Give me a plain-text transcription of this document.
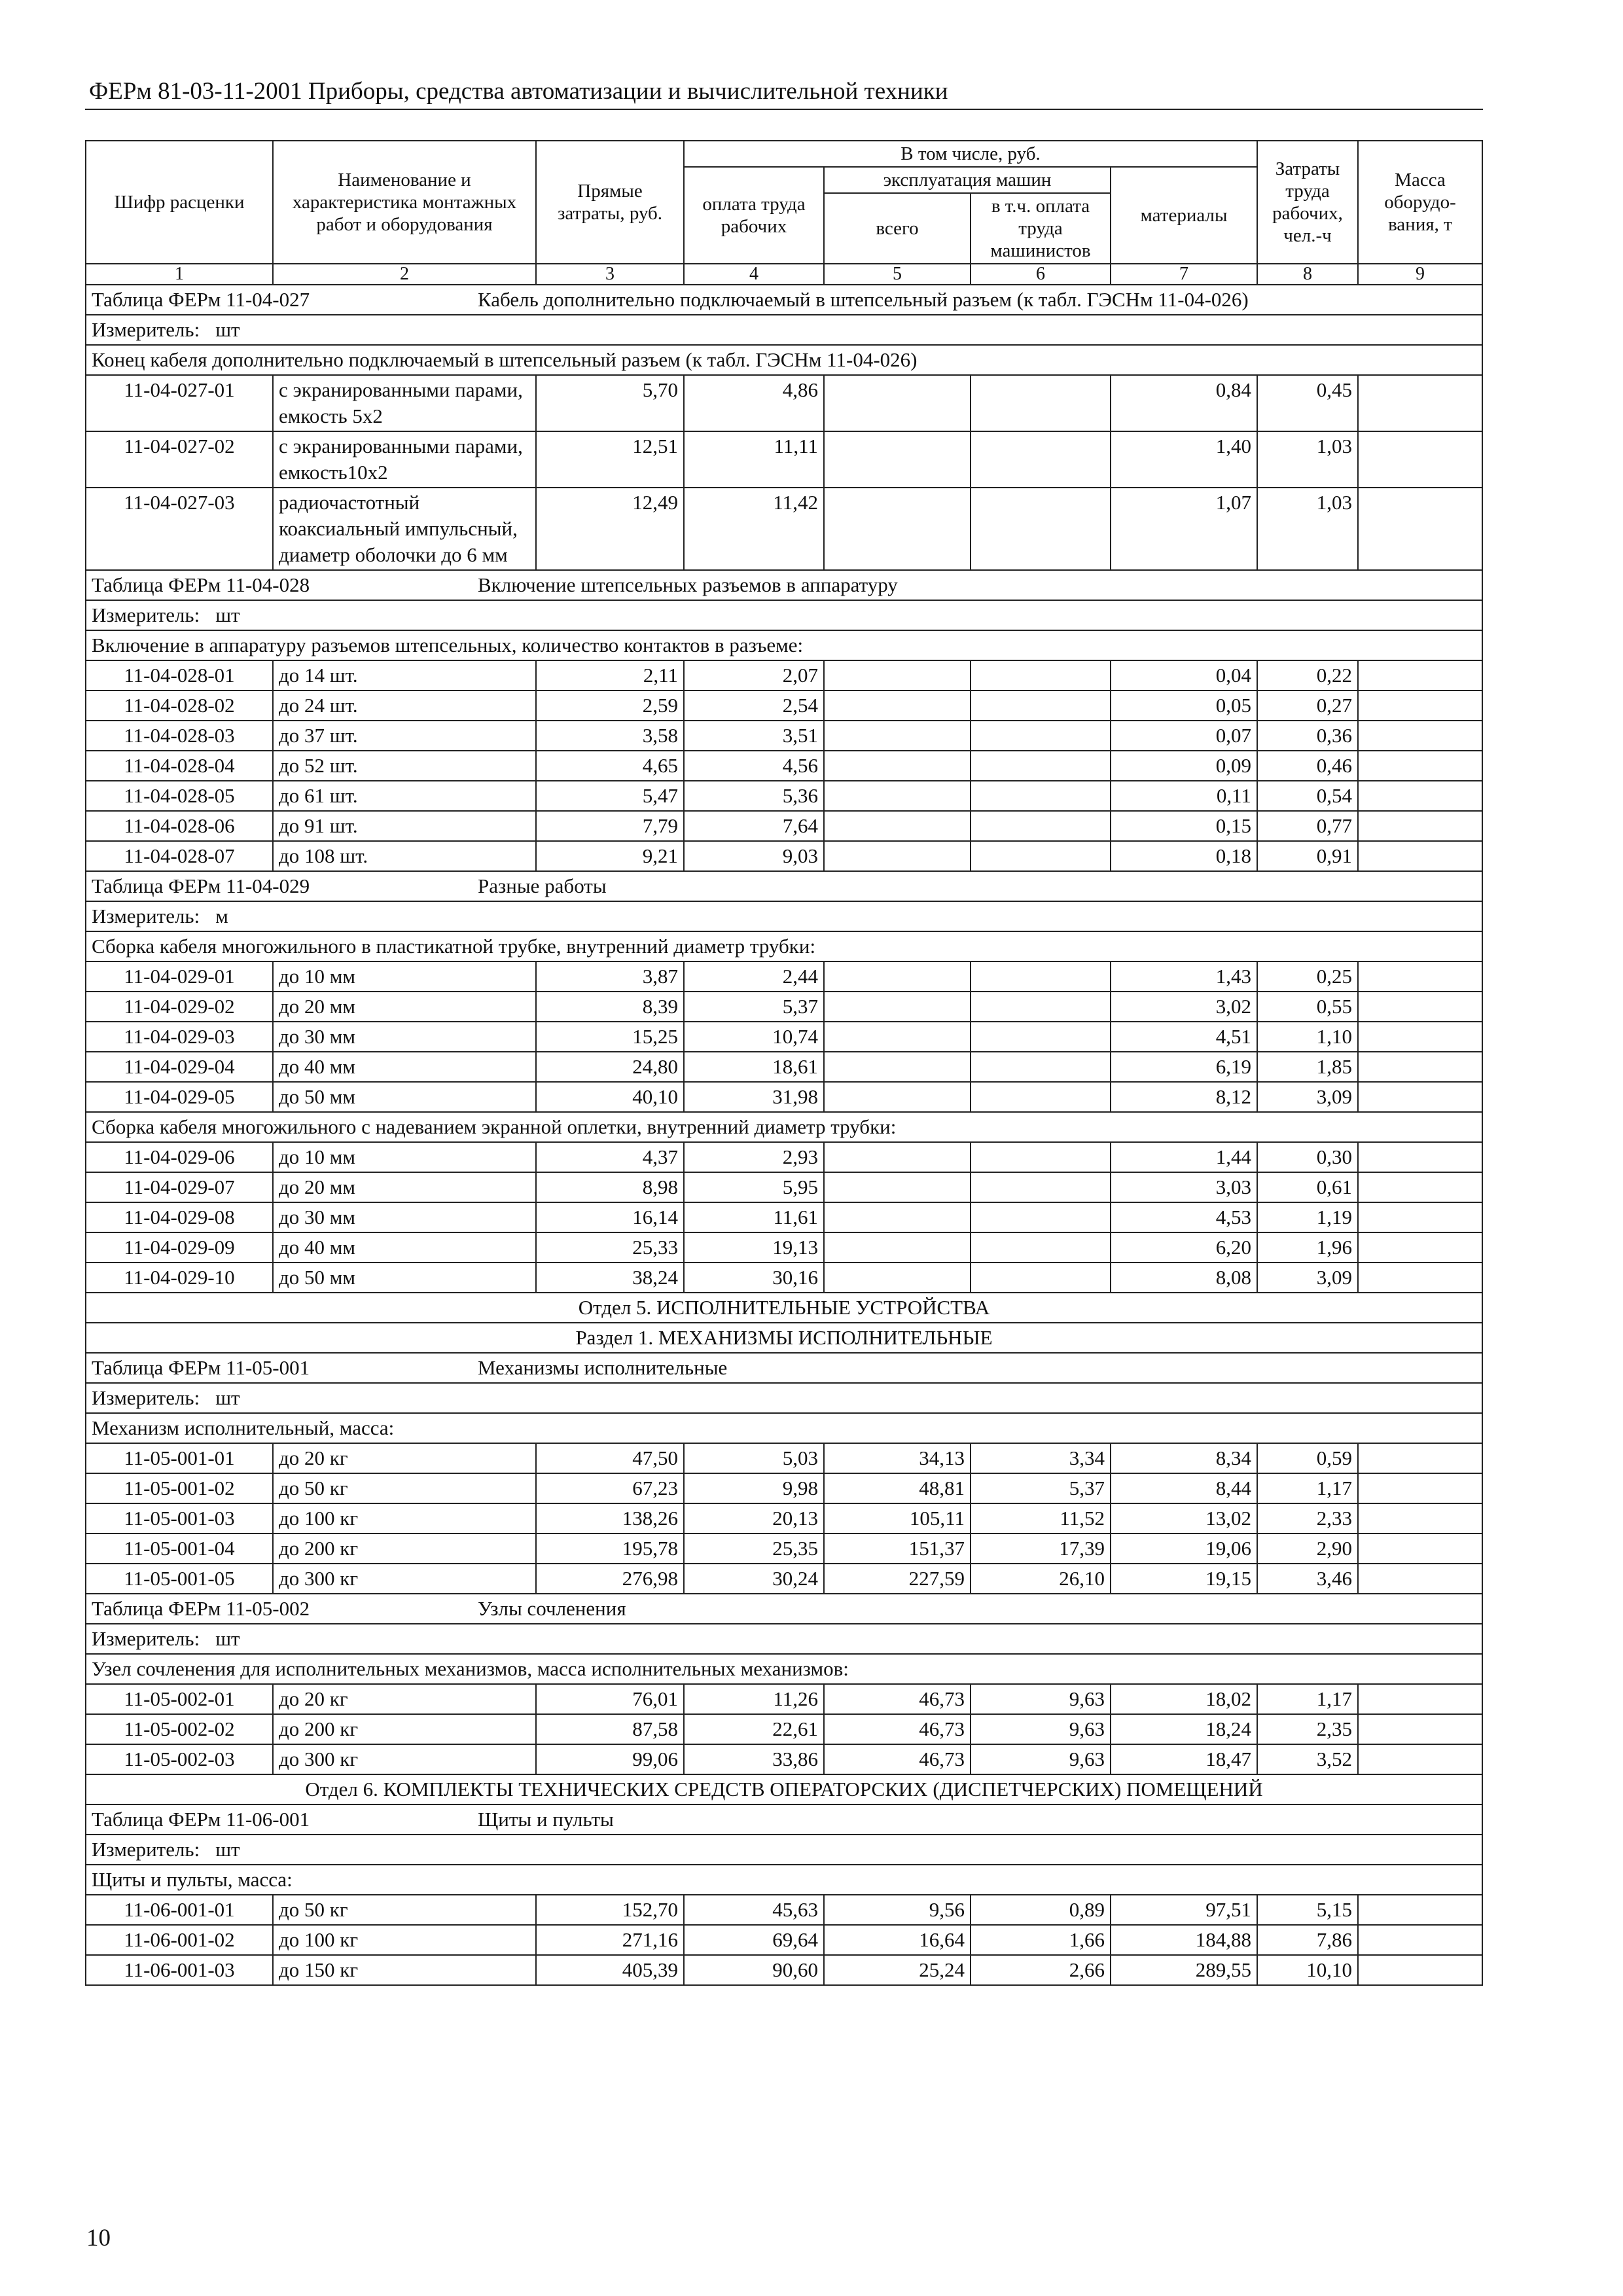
ФЕРм 81-03-11-2001 Приборы, средства автоматизации и вычислительной техники
Шифр расценки	Наименование и характеристика монтажных работ и оборудования	Прямые затраты, руб.	В том числе, руб.				Затраты труда рабочих, чел.-ч	Масса оборудо-вания, т
			оплата труда рабочих	эксплуатация машин		материалы		
				всего	в т.ч. оплата труда машинистов			
1	2	3	4	5	6	7	8	9
Таблица ФЕРм 11-04-027 Кабель дополнительно подключаемый в штепсельный разъем (к табл. ГЭСНм 11-04-026)								
Измеритель: шт								
Конец кабеля дополнительно подключаемый в штепсельный разъем (к табл. ГЭСНм 11-04-026)								
11-04-027-01	с экранированными парами, емкость 5х2	5,70	4,86			0,84	0,45	
11-04-027-02	с экранированными парами, емкость10х2	12,51	11,11			1,40	1,03	
11-04-027-03	радиочастотный коаксиальный импульсный, диаметр оболочки до 6 мм	12,49	11,42			1,07	1,03	
Таблица ФЕРм 11-04-028 Включение штепсельных разъемов в аппаратуру								
Измеритель: шт								
Включение в аппаратуру разъемов штепсельных, количество контактов в разъеме:								
11-04-028-01	до 14 шт.	2,11	2,07			0,04	0,22	
11-04-028-02	до 24 шт.	2,59	2,54			0,05	0,27	
11-04-028-03	до 37 шт.	3,58	3,51			0,07	0,36	
11-04-028-04	до 52 шт.	4,65	4,56			0,09	0,46	
11-04-028-05	до 61 шт.	5,47	5,36			0,11	0,54	
11-04-028-06	до 91 шт.	7,79	7,64			0,15	0,77	
11-04-028-07	до 108 шт.	9,21	9,03			0,18	0,91	
Таблица ФЕРм 11-04-029 Разные работы								
Измеритель: м								
Сборка кабеля многожильного в пластикатной трубке, внутренний диаметр трубки:								
11-04-029-01	до 10 мм	3,87	2,44			1,43	0,25	
11-04-029-02	до 20 мм	8,39	5,37			3,02	0,55	
11-04-029-03	до 30 мм	15,25	10,74			4,51	1,10	
11-04-029-04	до 40 мм	24,80	18,61			6,19	1,85	
11-04-029-05	до 50 мм	40,10	31,98			8,12	3,09	
Сборка кабеля многожильного с надеванием экранной оплетки, внутренний диаметр трубки:								
11-04-029-06	до 10 мм	4,37	2,93			1,44	0,30	
11-04-029-07	до 20 мм	8,98	5,95			3,03	0,61	
11-04-029-08	до 30 мм	16,14	11,61			4,53	1,19	
11-04-029-09	до 40 мм	25,33	19,13			6,20	1,96	
11-04-029-10	до 50 мм	38,24	30,16			8,08	3,09	
Отдел 5. ИСПОЛНИТЕЛЬНЫЕ УСТРОЙСТВА								
Раздел 1. МЕХАНИЗМЫ ИСПОЛНИТЕЛЬНЫЕ								
Таблица ФЕРм 11-05-001 Механизмы исполнительные								
Измеритель: шт								
Механизм исполнительный, масса:								
11-05-001-01	до 20 кг	47,50	5,03	34,13	3,34	8,34	0,59	
11-05-001-02	до 50 кг	67,23	9,98	48,81	5,37	8,44	1,17	
11-05-001-03	до 100 кг	138,26	20,13	105,11	11,52	13,02	2,33	
11-05-001-04	до 200 кг	195,78	25,35	151,37	17,39	19,06	2,90	
11-05-001-05	до 300 кг	276,98	30,24	227,59	26,10	19,15	3,46	
Таблица ФЕРм 11-05-002 Узлы сочленения								
Измеритель: шт								
Узел сочленения для исполнительных механизмов, масса исполнительных механизмов:								
11-05-002-01	до 20 кг	76,01	11,26	46,73	9,63	18,02	1,17	
11-05-002-02	до 200 кг	87,58	22,61	46,73	9,63	18,24	2,35	
11-05-002-03	до 300 кг	99,06	33,86	46,73	9,63	18,47	3,52	
Отдел 6. КОМПЛЕКТЫ ТЕХНИЧЕСКИХ СРЕДСТВ ОПЕРАТОРСКИХ (ДИСПЕТЧЕРСКИХ) ПОМЕЩЕНИЙ								
Таблица ФЕРм 11-06-001 Щиты и пульты								
Измеритель: шт								
Щиты и пульты, масса:								
11-06-001-01	до 50 кг	152,70	45,63	9,56	0,89	97,51	5,15	
11-06-001-02	до 100 кг	271,16	69,64	16,64	1,66	184,88	7,86	
11-06-001-03	до 150 кг	405,39	90,60	25,24	2,66	289,55	10,10	
10
